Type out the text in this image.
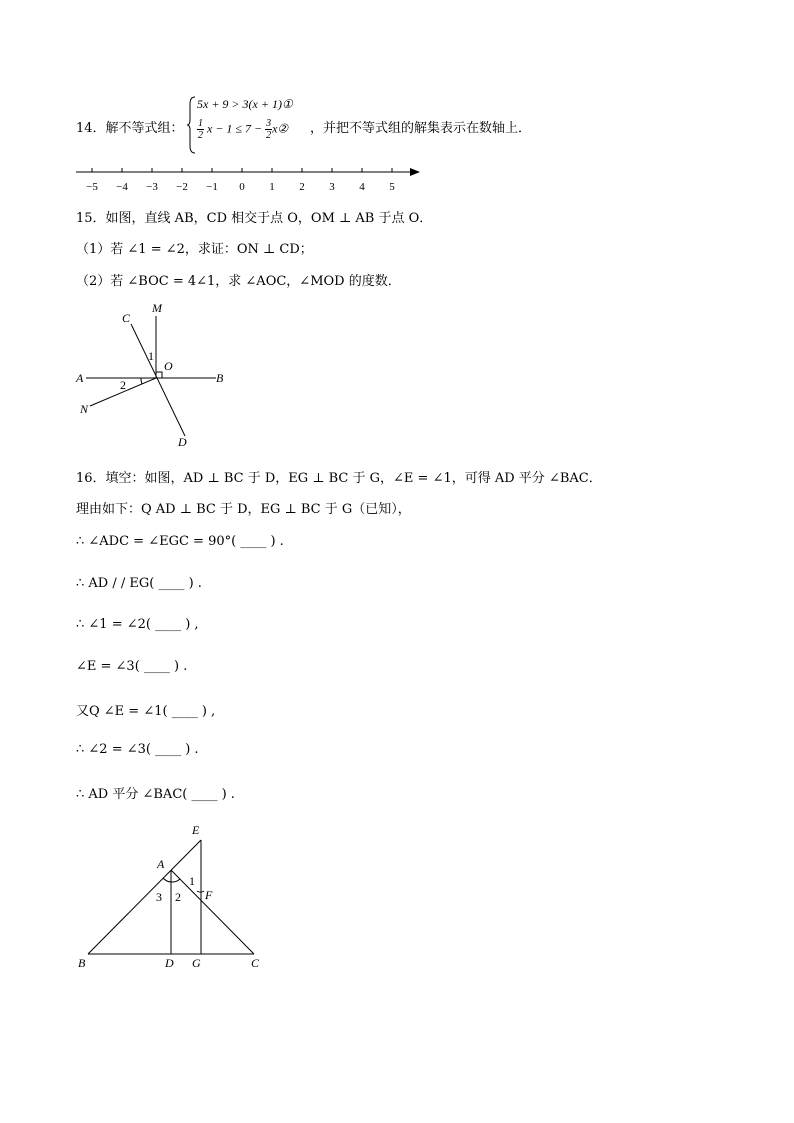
14．解不等式组：
5x + 9 > 3(x + 1)①
$\frac{1}{2}$ $x - 1 \le 7 - \frac{3}{2}$ x② ，并把不等式组的解集表示在数轴上．
−5 −4 −3 −2 −1 0 1 2 3 4 5
15．如图，直线 AB，CD 相交于点 O，OM ⊥ AB 于点 O．
（1）若 ∠1 = ∠2，求证：ON ⊥ CD；
（2）若 ∠BOC = 4∠1，求 ∠AOC，∠MOD 的度数．
C
M
O
A	B
N
D
1
2
16．填空：如图，AD ⊥ BC 于 D，EG ⊥ BC 于 G，∠E = ∠1，可得 AD 平分 ∠BAC．
理由如下：Q AD ⊥ BC 于 D，EG ⊥ BC 于 G（已知），
∴ ∠ADC = ∠EGC = 90°( ____ ) .
∴ AD / / EG( ____ ) .
∴ ∠1 = ∠2( ____ ) ,
∠E = ∠3( ____ ) .
又Q ∠E = ∠1( ____ ) ,
∴ ∠2 = ∠3( ____ ) .
∴ AD 平分 ∠BAC( ____ ) .
E
A
F
B	D G	C
1
2
3
